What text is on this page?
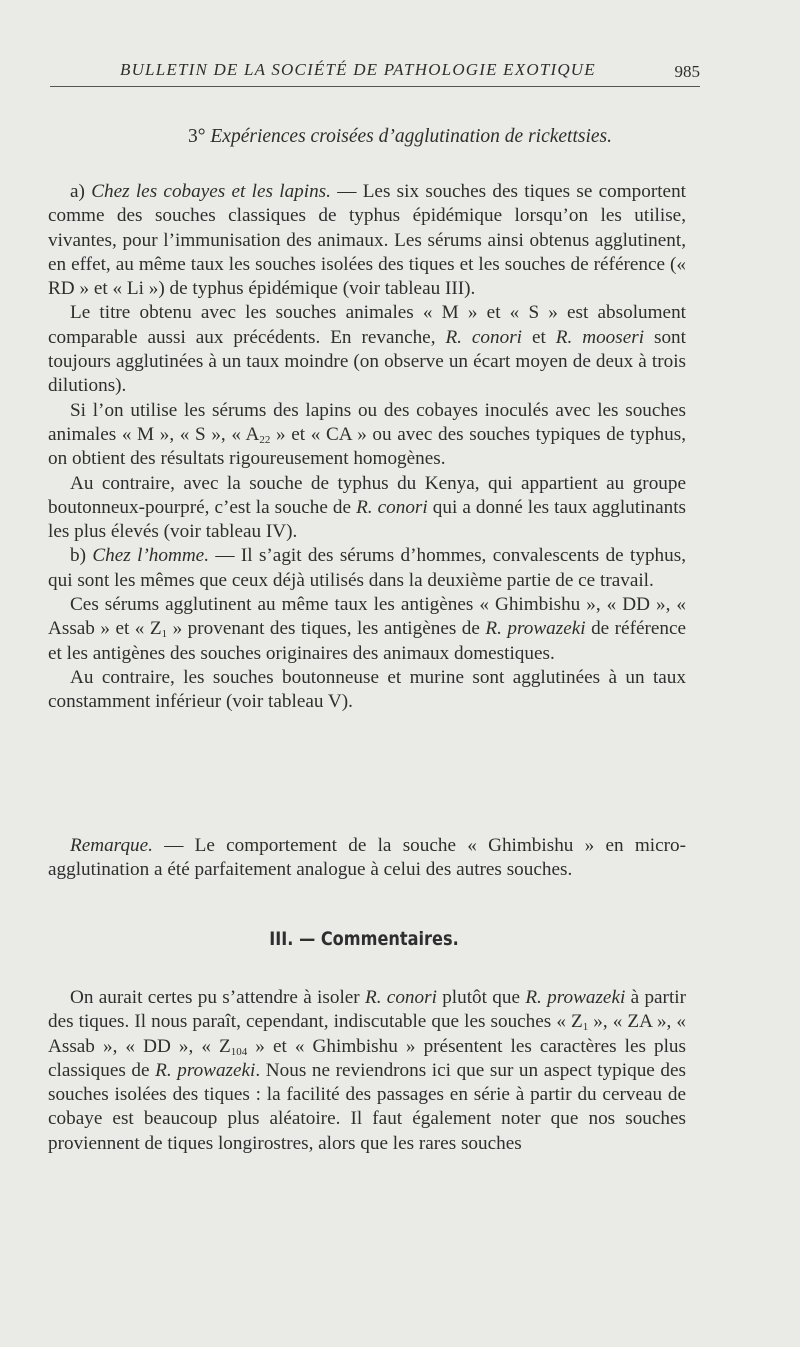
BULLETIN DE LA SOCIÉTÉ DE PATHOLOGIE EXOTIQUE	985
3° Expériences croisées d’agglutination de rickettsies.

a) Chez les cobayes et les lapins. — Les six souches des tiques se comportent comme des souches classiques de typhus épidémique lorsqu’on les utilise, vivantes, pour l’immunisation des animaux. Les sérums ainsi obtenus agglutinent, en effet, au même taux les souches isolées des tiques et les souches de référence (« RD » et « Li ») de typhus épidémique (voir tableau III).

Le titre obtenu avec les souches animales « M » et « S » est absolument comparable aussi aux précédents. En revanche, R. conori et R. mooseri sont toujours agglutinées à un taux moindre (on observe un écart moyen de deux à trois dilutions).

Si l’on utilise les sérums des lapins ou des cobayes inoculés avec les souches animales « M », « S », « $A_{22}$ » et « CA » ou avec des souches typiques de typhus, on obtient des résultats rigoureusement homogènes.

Au contraire, avec la souche de typhus du Kenya, qui appartient au groupe boutonneux-pourpré, c’est la souche de R. conori qui a donné les taux agglutinants les plus élevés (voir tableau IV).

b) Chez l’homme. — Il s’agit des sérums d’hommes, convalescents de typhus, qui sont les mêmes que ceux déjà utilisés dans la deuxième partie de ce travail.

Ces sérums agglutinent au même taux les antigènes « Ghimbishu », « DD », « Assab » et « $Z_1$ » provenant des tiques, les antigènes de R. prowazeki de référence et les antigènes des souches originaires des animaux domestiques.

Au contraire, les souches boutonneuse et murine sont agglutinées à un taux constamment inférieur (voir tableau V).

Remarque. — Le comportement de la souche « Ghimbishu » en micro-agglutination a été parfaitement analogue à celui des autres souches.

III. — Commentaires.

On aurait certes pu s’attendre à isoler R. conori plutôt que R. prowazeki à partir des tiques. Il nous paraît, cependant, indiscutable que les souches « $Z_1$ », « ZA », « Assab », « DD », « $Z_{104}$ » et « Ghimbishu » présentent les caractères les plus classiques de R. prowazeki. Nous ne reviendrons ici que sur un aspect typique des souches isolées des tiques : la facilité des passages en série à partir du cerveau de cobaye est beaucoup plus aléatoire. Il faut également noter que nos souches proviennent de tiques longirostres, alors que les rares souches
